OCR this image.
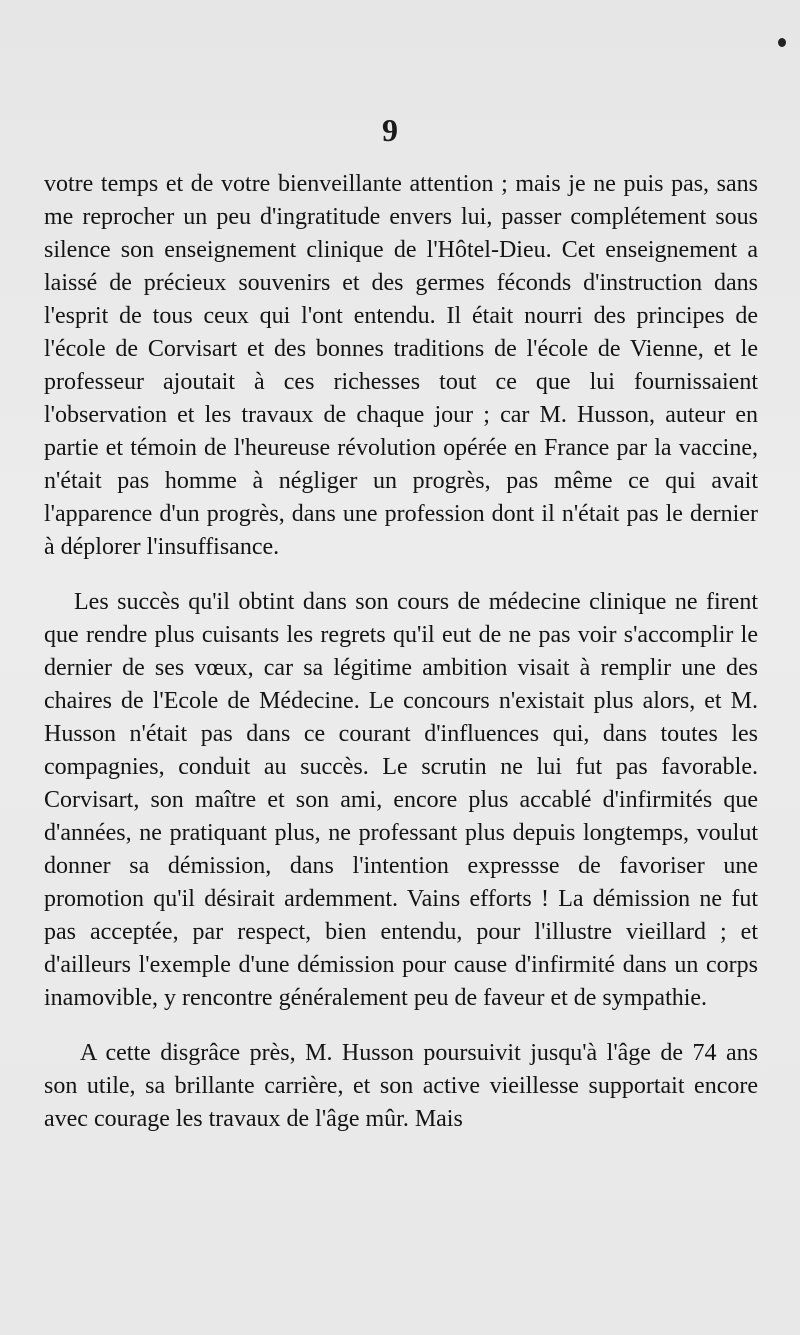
9

votre temps et de votre bienveillante attention ; mais je ne puis pas, sans me reprocher un peu d'ingratitude envers lui, passer complétement sous silence son enseignement clinique de l'Hôtel-Dieu. Cet enseignement a laissé de précieux souvenirs et des germes féconds d'instruction dans l'esprit de tous ceux qui l'ont entendu. Il était nourri des principes de l'école de Corvisart et des bonnes traditions de l'école de Vienne, et le professeur ajoutait à ces richesses tout ce que lui fournissaient l'observation et les travaux de chaque jour ; car M. Husson, auteur en partie et témoin de l'heureuse révolution opérée en France par la vaccine, n'était pas homme à négliger un progrès, pas même ce qui avait l'apparence d'un progrès, dans une profession dont il n'était pas le dernier à déplorer l'insuffisance.

Les succès qu'il obtint dans son cours de médecine clinique ne firent que rendre plus cuisants les regrets qu'il eut de ne pas voir s'accomplir le dernier de ses vœux, car sa légitime ambition visait à remplir une des chaires de l'Ecole de Médecine. Le concours n'existait plus alors, et M. Husson n'était pas dans ce courant d'influences qui, dans toutes les compagnies, conduit au succès. Le scrutin ne lui fut pas favorable. Corvisart, son maître et son ami, encore plus accablé d'infirmités que d'années, ne pratiquant plus, ne professant plus depuis longtemps, voulut donner sa démission, dans l'intention expressse de favoriser une promotion qu'il désirait ardemment. Vains efforts ! La démission ne fut pas acceptée, par respect, bien entendu, pour l'illustre vieillard ; et d'ailleurs l'exemple d'une démission pour cause d'infirmité dans un corps inamovible, y rencontre généralement peu de faveur et de sympathie.

A cette disgrâce près, M. Husson poursuivit jusqu'à l'âge de 74 ans son utile, sa brillante carrière, et son active vieillesse supportait encore avec courage les travaux de l'âge mûr. Mais
